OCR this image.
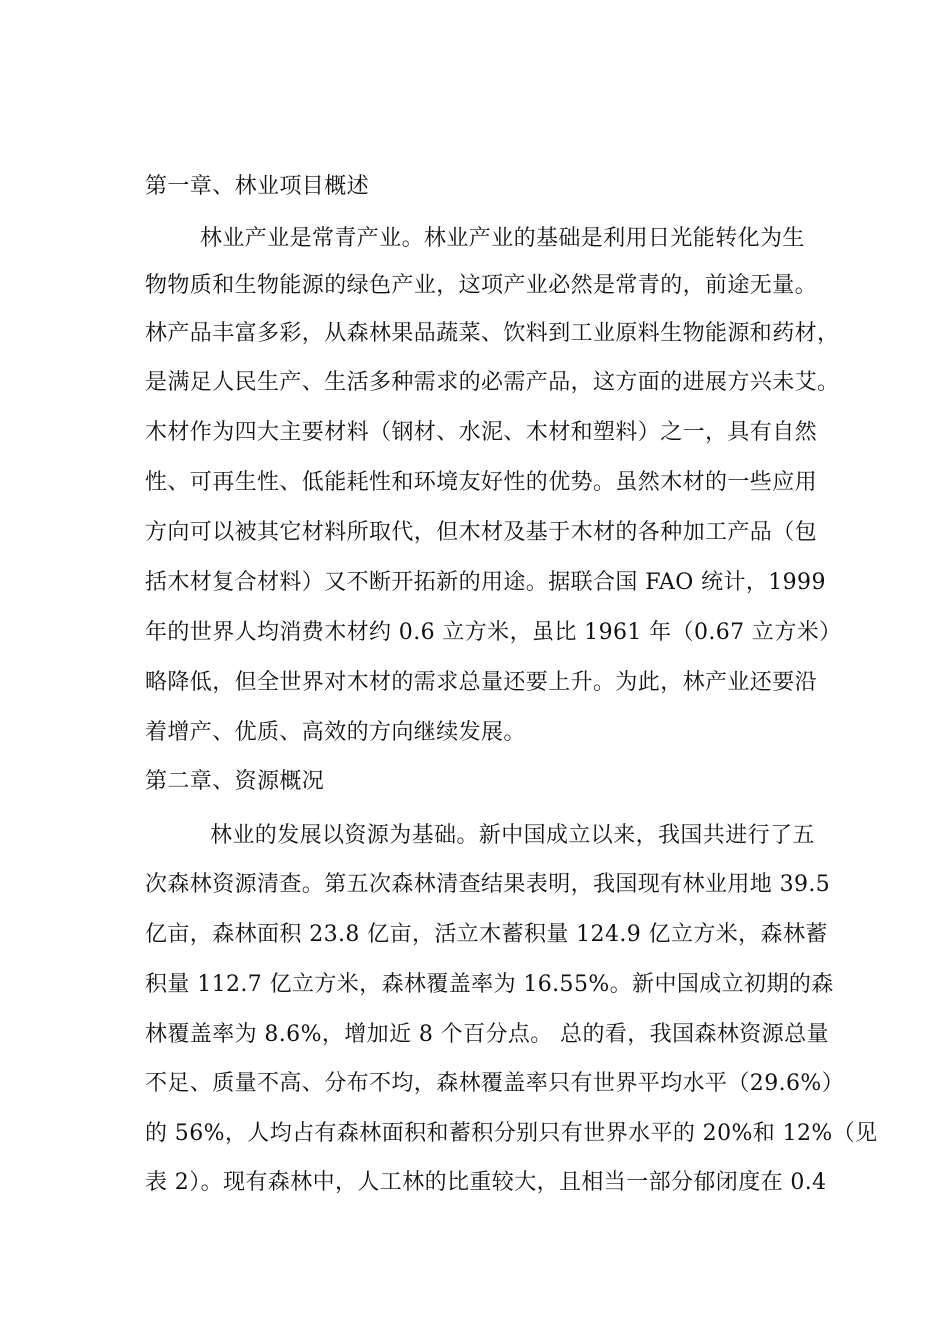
第一章、林业项目概述
林业产业是常青产业。林业产业的基础是利用日光能转化为生
物物质和生物能源的绿色产业，这项产业必然是常青的，前途无量。
林产品丰富多彩，从森林果品蔬菜、饮料到工业原料生物能源和药材，
是满足人民生产、生活多种需求的必需产品，这方面的进展方兴未艾。
木材作为四大主要材料（钢材、水泥、木材和塑料）之一，具有自然
性、可再生性、低能耗性和环境友好性的优势。虽然木材的一些应用
方向可以被其它材料所取代，但木材及基于木材的各种加工产品（包
括木材复合材料）又不断开拓新的用途。据联合国 FAO 统计，1999
年的世界人均消费木材约 0.6 立方米，虽比 1961 年（0.67 立方米）
略降低，但全世界对木材的需求总量还要上升。为此，林产业还要沿
着增产、优质、高效的方向继续发展。
第二章、资源概况
林业的发展以资源为基础。新中国成立以来，我国共进行了五
次森林资源清查。第五次森林清查结果表明，我国现有林业用地 39.5
亿亩，森林面积 23.8 亿亩，活立木蓄积量 124.9 亿立方米，森林蓄
积量 112.7 亿立方米，森林覆盖率为 16.55%。新中国成立初期的森
林覆盖率为 8.6%，增加近 8 个百分点。 总的看，我国森林资源总量
不足、质量不高、分布不均，森林覆盖率只有世界平均水平（29.6%）
的 56%，人均占有森林面积和蓄积分别只有世界水平的 20%和 12%（见
表 2）。现有森林中，人工林的比重较大，且相当一部分郁闭度在 0.4
